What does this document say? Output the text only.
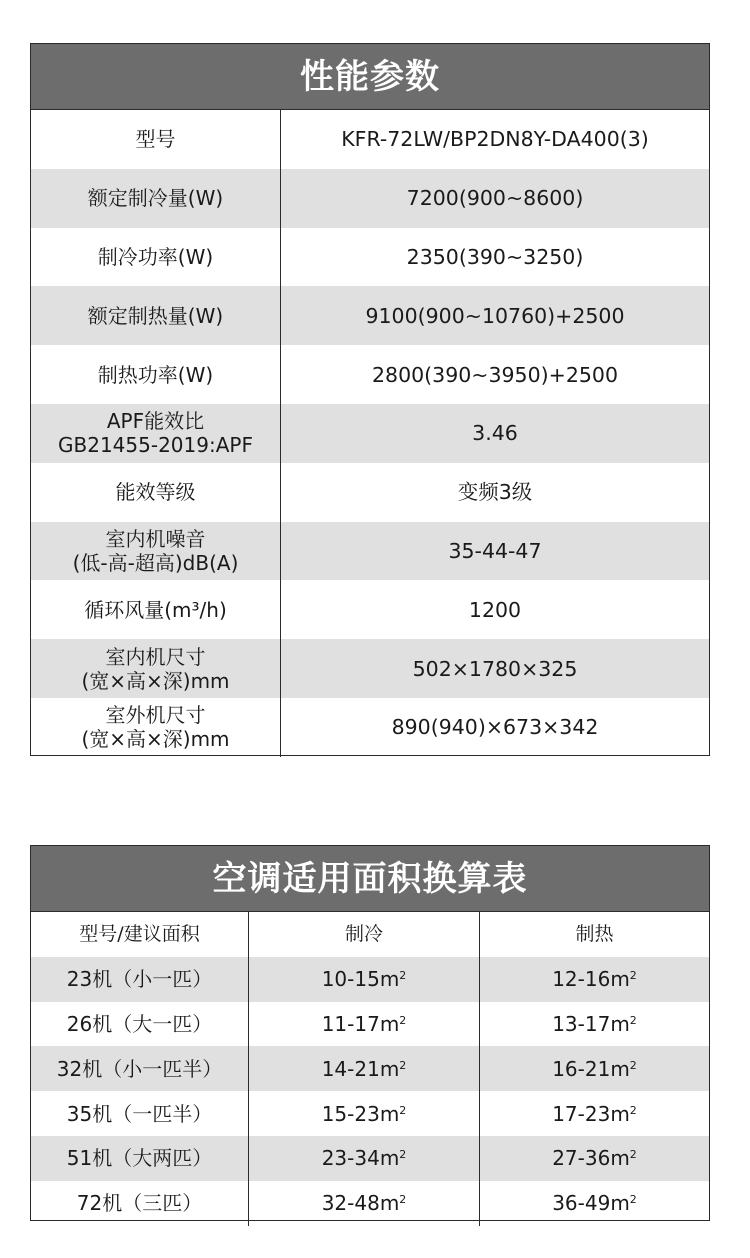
性能参数
型号	KFR-72LW/BP2DN8Y-DA400(3)
额定制冷量(W)	7200(900~8600)
制冷功率(W)	2350(390~3250)
额定制热量(W)	9100(900~10760)+2500
制热功率(W)	2800(390~3950)+2500
APF能效比
GB21455-2019:APF	3.46
能效等级	变频3级
室内机噪音
(低-高-超高)dB(A)	35-44-47
循环风量(m³/h)	1200
室内机尺寸
(宽×高×深)mm	502×1780×325
室外机尺寸
(宽×高×深)mm	890(940)×673×342
空调适用面积换算表
型号/建议面积	制冷	制热
23机（小一匹）	10-15 $m^2$	12-16 $m^2$
26机（大一匹）	11-17 $m^2$	13-17 $m^2$
32机（小一匹半）	14-21 $m^2$	16-21 $m^2$
35机（一匹半）	15-23 $m^2$	17-23 $m^2$
51机（大两匹）	23-34 $m^2$	27-36 $m^2$
72机（三匹）	32-48 $m^2$	36-49 $m^2$
